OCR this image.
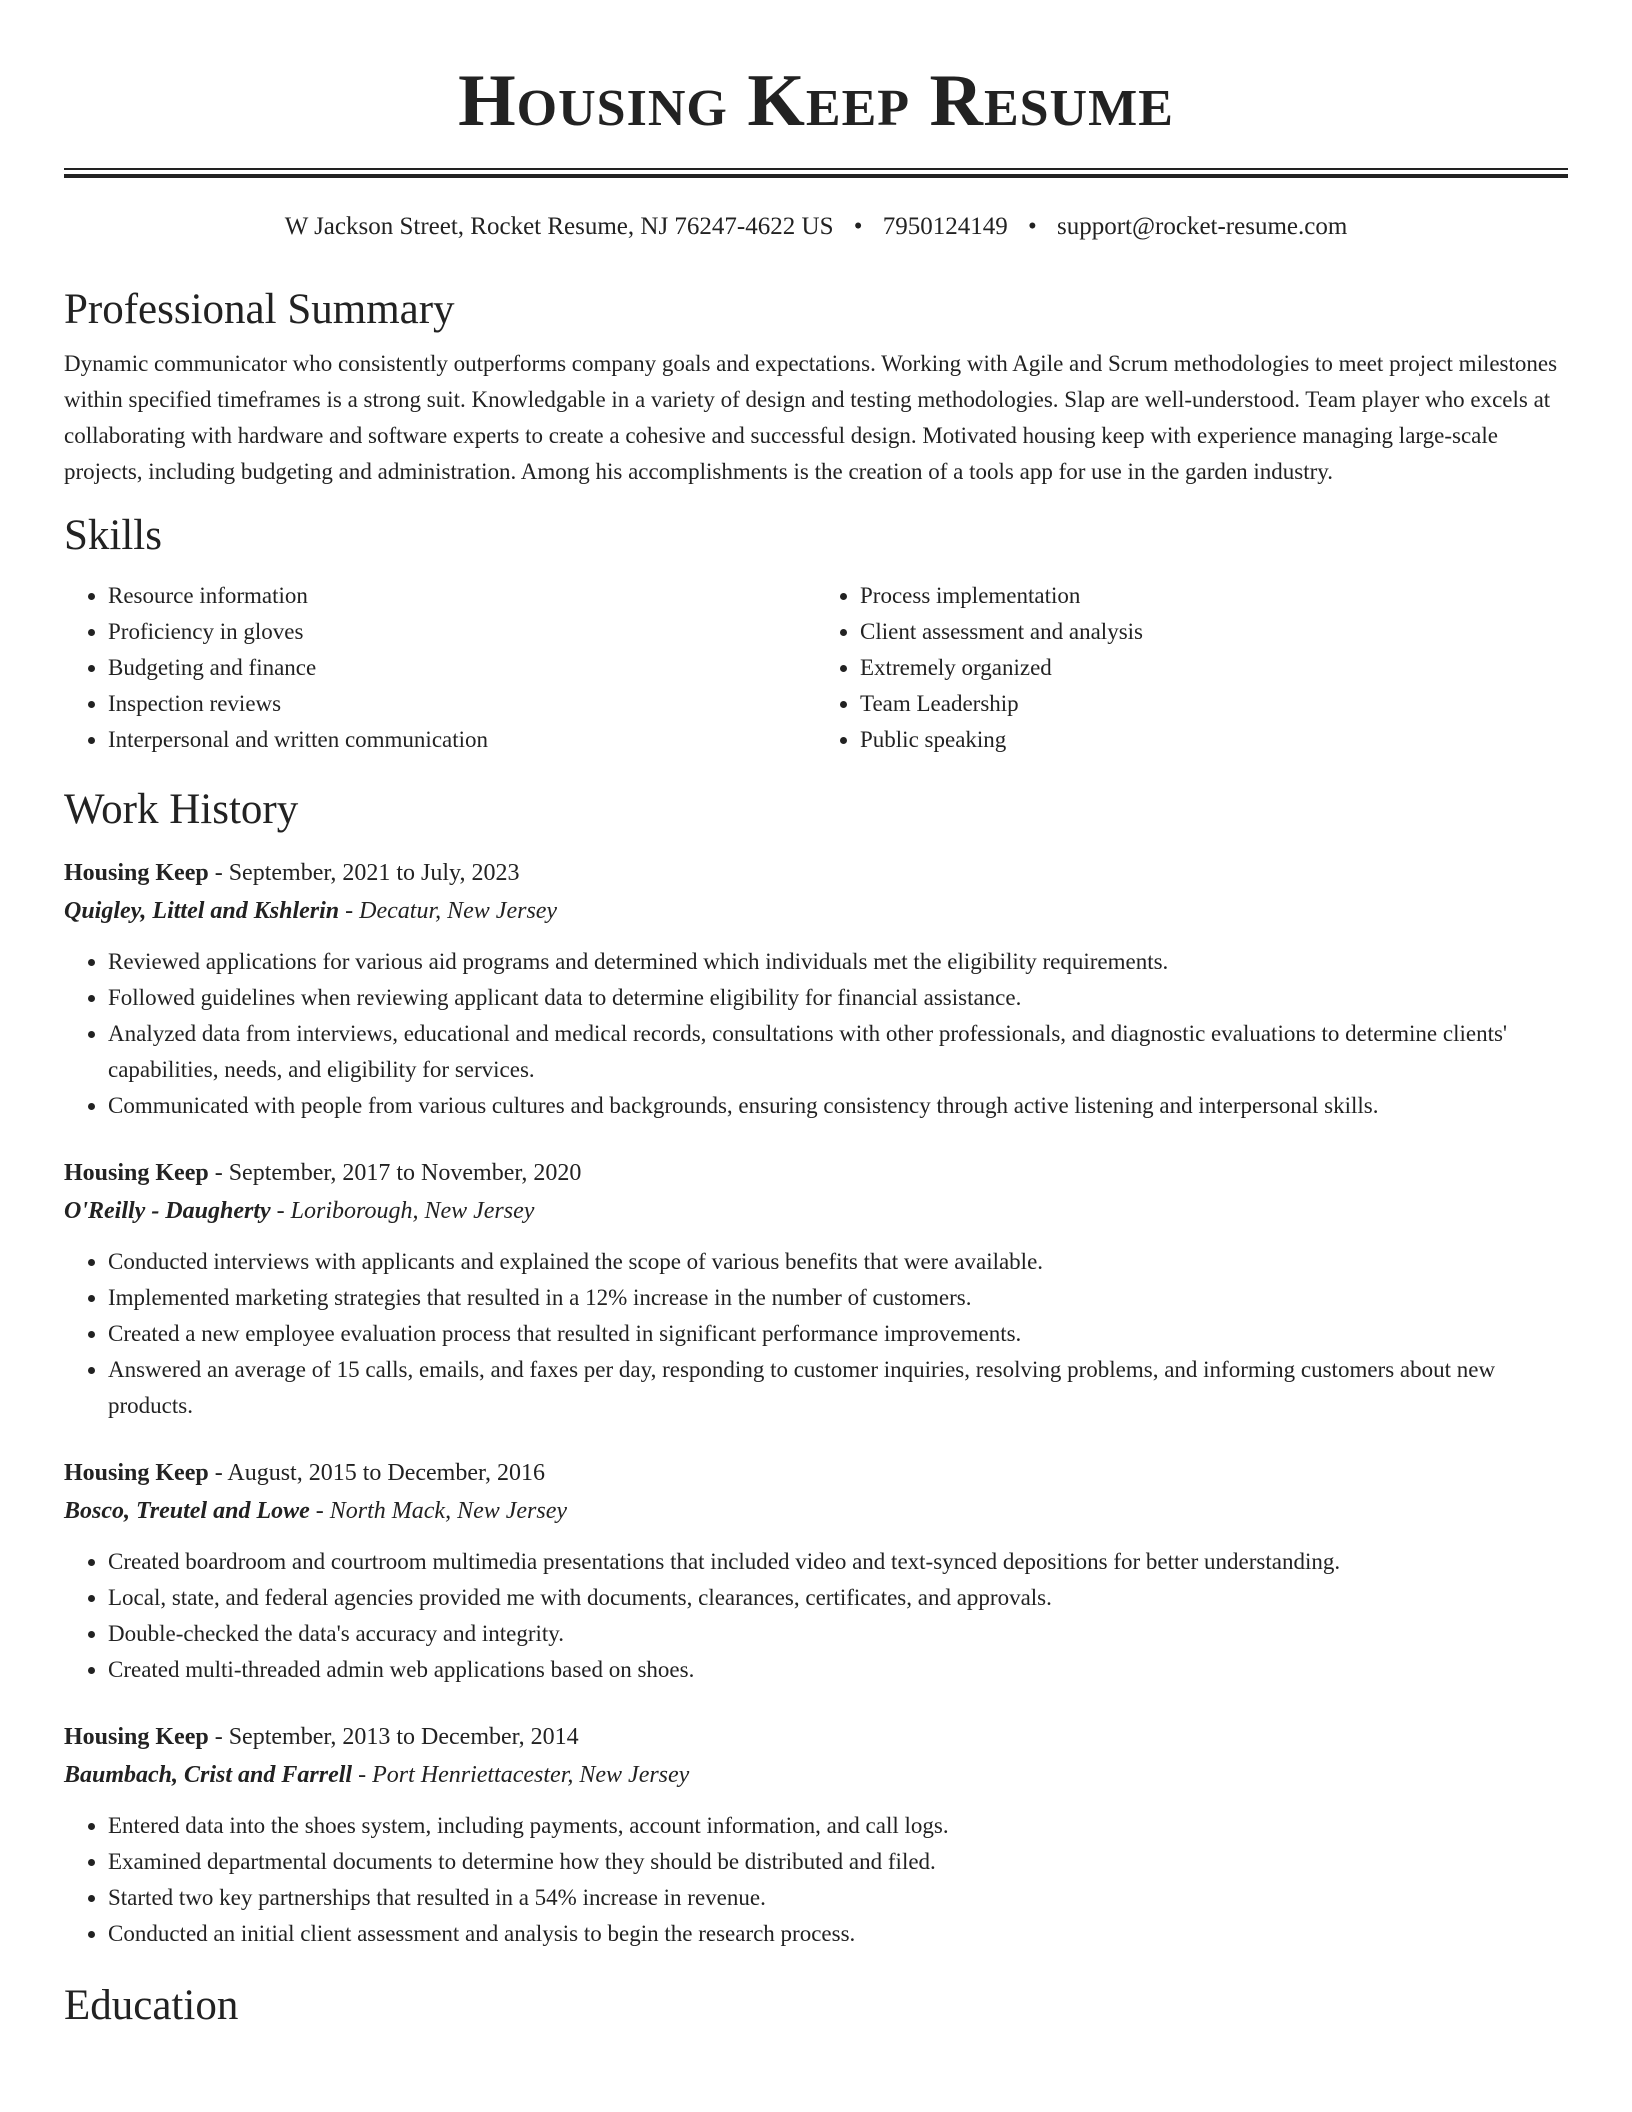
Housing Keep Resume
W Jackson Street, Rocket Resume, NJ 76247-4622 US • 7950124149 • support@rocket-resume.com
Professional Summary

Dynamic communicator who consistently outperforms company goals and expectations. Working with Agile and Scrum methodologies to meet project milestones within specified timeframes is a strong suit. Knowledgable in a variety of design and testing methodologies. Slap are well-understood. Team player who excels at collaborating with hardware and software experts to create a cohesive and successful design. Motivated housing keep with experience managing large-scale projects, including budgeting and administration. Among his accomplishments is the creation of a tools app for use in the garden industry.

Skills
• Resource information
• Proficiency in gloves
• Budgeting and finance
• Inspection reviews
• Interpersonal and written communication
• Process implementation
• Client assessment and analysis
• Extremely organized
• Team Leadership
• Public speaking
Work History
Housing Keep - September, 2021 to July, 2023
Quigley, Littel and Kshlerin - Decatur, New Jersey
• Reviewed applications for various aid programs and determined which individuals met the eligibility requirements.
• Followed guidelines when reviewing applicant data to determine eligibility for financial assistance.
• Analyzed data from interviews, educational and medical records, consultations with other professionals, and diagnostic evaluations to determine clients' capabilities, needs, and eligibility for services.
• Communicated with people from various cultures and backgrounds, ensuring consistency through active listening and interpersonal skills.
Housing Keep - September, 2017 to November, 2020
O'Reilly - Daugherty - Loriborough, New Jersey
• Conducted interviews with applicants and explained the scope of various benefits that were available.
• Implemented marketing strategies that resulted in a 12% increase in the number of customers.
• Created a new employee evaluation process that resulted in significant performance improvements.
• Answered an average of 15 calls, emails, and faxes per day, responding to customer inquiries, resolving problems, and informing customers about new products.
Housing Keep - August, 2015 to December, 2016
Bosco, Treutel and Lowe - North Mack, New Jersey
• Created boardroom and courtroom multimedia presentations that included video and text-synced depositions for better understanding.
• Local, state, and federal agencies provided me with documents, clearances, certificates, and approvals.
• Double-checked the data's accuracy and integrity.
• Created multi-threaded admin web applications based on shoes.
Housing Keep - September, 2013 to December, 2014
Baumbach, Crist and Farrell - Port Henriettacester, New Jersey
• Entered data into the shoes system, including payments, account information, and call logs.
• Examined departmental documents to determine how they should be distributed and filed.
• Started two key partnerships that resulted in a 54% increase in revenue.
• Conducted an initial client assessment and analysis to begin the research process.
Education
